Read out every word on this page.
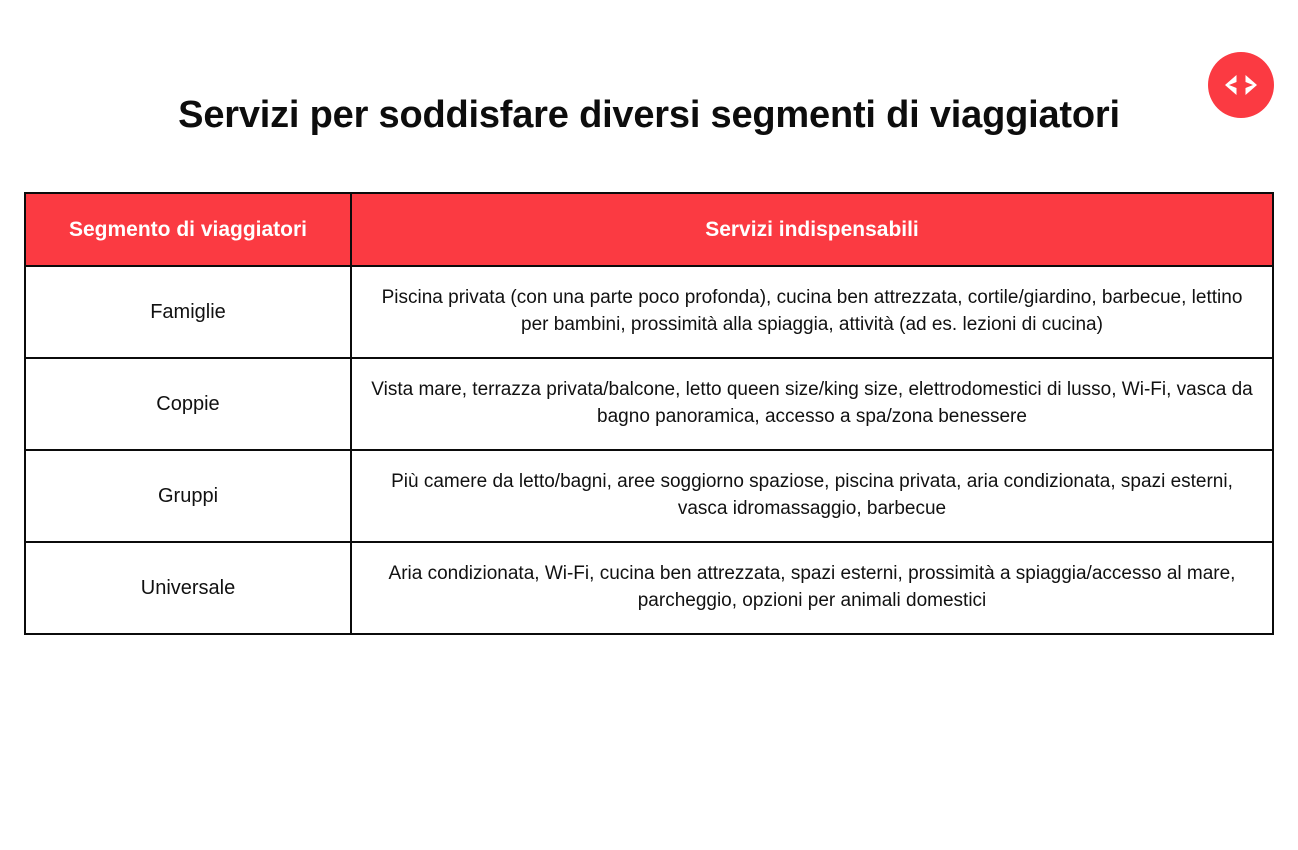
Servizi per soddisfare diversi segmenti di viaggiatori
Segmento di viaggiatori	Servizi indispensabili
Famiglie	Piscina privata (con una parte poco profonda), cucina ben attrezzata, cortile/giardino, barbecue, lettino per bambini, prossimità alla spiaggia, attività (ad es. lezioni di cucina)
Coppie	Vista mare, terrazza privata/balcone, letto queen size/king size, elettrodomestici di lusso, Wi-Fi, vasca da bagno panoramica, accesso a spa/zona benessere
Gruppi	Più camere da letto/bagni, aree soggiorno spaziose, piscina privata, aria condizionata, spazi esterni, vasca idromassaggio, barbecue
Universale	Aria condizionata, Wi-Fi, cucina ben attrezzata, spazi esterni, prossimità a spiaggia/accesso al mare, parcheggio, opzioni per animali domestici
